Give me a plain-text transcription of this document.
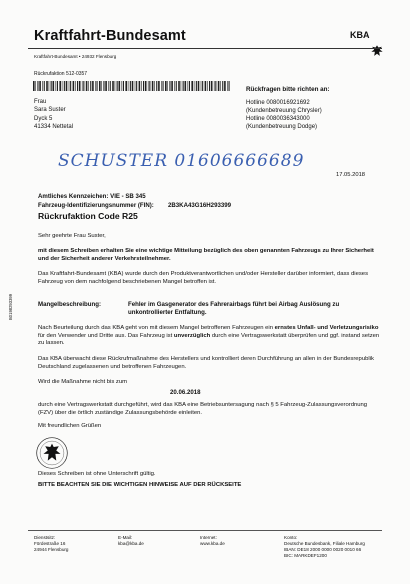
Kraftfahrt-Bundesamt	KBA
Kraftfahrt-Bundesamt • 24932 Flensburg
Rückrufaktion 512-0357
Frau
Sara Suster
Dyck 5
41334 Nettetal
Rückfragen bitte richten an:
Hotline 0080016921692
(Kundenbetreuung Chrysler)
Hotline 0080036343000
(Kundenbetreuung Dodge)
SCHUSTER 01606666689
17.05.2018
Amtliches Kennzeichen: VIE - SB 345
Fahrzeug-Identifizierungsnummer (FIN): 2B3KA43G16H293399
Rückrufaktion Code R25
Sehr geehrte Frau Suster,
mit diesem Schreiben erhalten Sie eine wichtige Mitteilung bezüglich des oben genannten Fahrzeugs zu Ihrer Sicherheit und der Sicherheit anderer Verkehrsteilnehmer.
Das Kraftfahrt-Bundesamt (KBA) wurde durch den Produktverantwortlichen und/oder Hersteller darüber informiert, dass dieses Fahrzeug von dem nachfolgend beschriebenen Mangel betroffen ist.
Mangelbeschreibung:	Fehler im Gasgenerator des Fahrerairbags führt bei Airbag Auslösung zu unkontrollierter Entfaltung.
Nach Beurteilung durch das KBA geht von mit diesem Mangel betroffenen Fahrzeugen ein ernstes Unfall- und Verletzungsrisiko für den Verwender und Dritte aus. Das Fahrzeug ist unverzüglich durch eine Vertragswerkstatt überprüfen und ggf. instand setzen zu lassen.
Das KBA überwacht diese Rückrufmaßnahme des Herstellers und kontrolliert deren Durchführung an allen in der Bundesrepublik Deutschland zugelassenen und betroffenen Fahrzeugen.
Wird die Maßnahme nicht bis zum
20.06.2018
durch eine Vertragswerkstatt durchgeführt, wird das KBA eine Betriebsuntersagung nach § 5 Fahrzeug-Zulassungsverordnung (FZV) über die örtlich zuständige Zulassungsbehörde einleiten.
Mit freundlichen Grüßen
Dieses Schreiben ist ohne Unterschrift gültig.
BITTE BEACHTEN SIE DIE WICHTIGEN HINWEISE AUF DER RÜCKSEITE
B0198293399
Dienstsitz:
Fördestraße 16
24944 Flensburg
E-Mail:
kba@kba.de
Internet:
www.kba.de
Konto:
Deutsche Bundesbank, Filiale Hamburg
IBAN: DE18 2000 0000 0020 0010 66
BIC: MARKDEF1200
